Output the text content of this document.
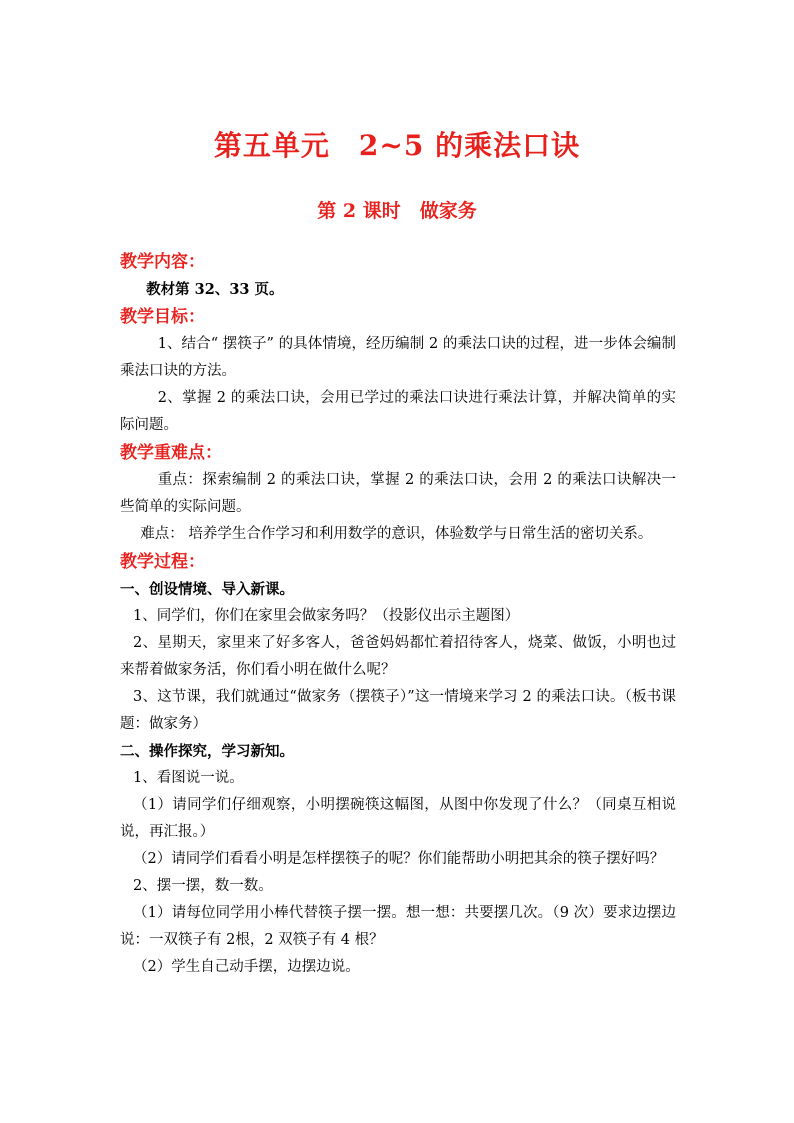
第五单元　2~5 的乘法口诀
第 2 课时　做家务

教学内容：

教材第 32、33 页。

教学目标：

1、结合“ 摆筷子” 的具体情境，经历编制 2 的乘法口诀的过程，进一步体会编制乘法口诀的方法。

2、掌握 2 的乘法口诀，会用已学过的乘法口诀进行乘法计算，并解决简单的实际问题。

教学重难点：

重点：探索编制 2 的乘法口诀，掌握 2 的乘法口诀，会用 2 的乘法口诀解决一些简单的实际问题。

难点： 培养学生合作学习和利用数学的意识，体验数学与日常生活的密切关系。

教学过程：

一、创设情境、导入新课。

1、同学们，你们在家里会做家务吗？（投影仪出示主题图）

2、星期天，家里来了好多客人，爸爸妈妈都忙着招待客人，烧菜、做饭，小明也过来帮着做家务活，你们看小明在做什么呢？

3、这节课，我们就通过“做家务（摆筷子）”这一情境来学习 2 的乘法口诀。（板书课题：做家务）

二、操作探究，学习新知。

1、看图说一说。

（1）请同学们仔细观察，小明摆碗筷这幅图，从图中你发现了什么？（同桌互相说说，再汇报。）

（2）请同学们看看小明是怎样摆筷子的呢？你们能帮助小明把其余的筷子摆好吗？

2、摆一摆，数一数。

（1）请每位同学用小棒代替筷子摆一摆。想一想：共要摆几次。（9 次）要求边摆边说：一双筷子有 2根，2 双筷子有 4 根？

（2）学生自己动手摆，边摆边说。
